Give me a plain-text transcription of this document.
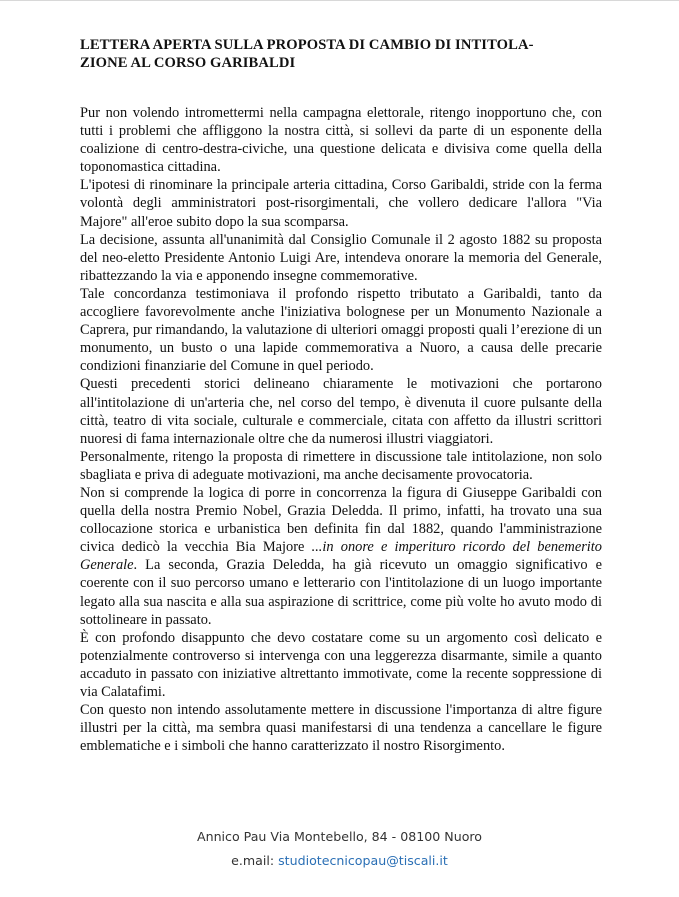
LETTERA APERTA SULLA PROPOSTA DI CAMBIO DI INTITOLA-
ZIONE AL CORSO GARIBALDI

Pur non volendo intromettermi nella campagna elettorale, ritengo inopportuno che, con tutti i problemi che affliggono la nostra città, si sollevi da parte di un esponente della coalizione di centro-destra-civiche, una questione delicata e divisiva come quella della toponomastica cittadina.

L'ipotesi di rinominare la principale arteria cittadina, Corso Garibaldi, stride con la ferma volontà degli amministratori post-risorgimentali, che vollero dedicare l'allora "Via Majore" all'eroe subito dopo la sua scomparsa.

La decisione, assunta all'unanimità dal Consiglio Comunale il 2 agosto 1882 su proposta del neo-eletto Presidente Antonio Luigi Are, intendeva onorare la memoria del Generale, ribattezzando la via e apponendo insegne commemorative.

Tale concordanza testimoniava il profondo rispetto tributato a Garibaldi, tanto da accogliere favorevolmente anche l'iniziativa bolognese per un Monumento Nazionale a Caprera, pur rimandando, la valutazione di ulteriori omaggi proposti quali l’erezione di un monumento, un busto o una lapide commemorativa a Nuoro, a causa delle precarie condizioni finanziarie del Comune in quel periodo.

Questi precedenti storici delineano chiaramente le motivazioni che portarono all'intitolazione di un'arteria che, nel corso del tempo, è divenuta il cuore pulsante della città, teatro di vita sociale, culturale e commerciale, citata con affetto da illustri scrittori nuoresi di fama internazionale oltre che da numerosi illustri viaggiatori.

Personalmente, ritengo la proposta di rimettere in discussione tale intitolazione, non solo sbagliata e priva di adeguate motivazioni, ma anche decisamente provocatoria.

Non si comprende la logica di porre in concorrenza la figura di Giuseppe Garibaldi con quella della nostra Premio Nobel, Grazia Deledda. Il primo, infatti, ha trovato una sua collocazione storica e urbanistica ben definita fin dal 1882, quando l'amministrazione civica dedicò la vecchia Bia Majore ...in onore e imperituro ricordo del benemerito Generale. La seconda, Grazia Deledda, ha già ricevuto un omaggio significativo e coerente con il suo percorso umano e letterario con l'intitolazione di un luogo importante legato alla sua nascita e alla sua aspirazione di scrittrice, come più volte ho avuto modo di sottolineare in passato.

È con profondo disappunto che devo costatare come su un argomento così delicato e potenzialmente controverso si intervenga con una leggerezza disarmante, simile a quanto accaduto in passato con iniziative altrettanto immotivate, come la recente soppressione di via Calatafimi.

Con questo non intendo assolutamente mettere in discussione l'importanza di altre figure illustri per la città, ma sembra quasi manifestarsi di una tendenza a cancellare le figure emblematiche e i simboli che hanno caratterizzato il nostro Risorgimento.

Annico Pau Via Montebello, 84 - 08100 Nuoro
e.mail: studiotecnicopau@tiscali.it
